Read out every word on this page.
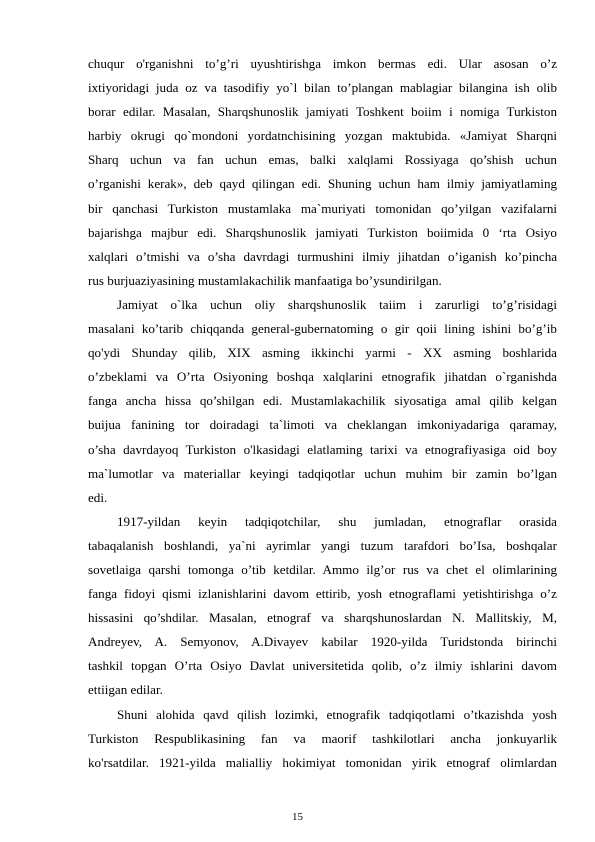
chuqur o'rganishni to’g’ri uyushtirishga imkon bermas edi. Ular asosan o’z
ixtiyoridagi juda oz va tasodifiy yo`l bilan to’plangan mablagiar bilangina ish olib
borar edilar. Masalan, Sharqshunoslik jamiyati Toshkent boiim i nomiga Turkiston
harbiy okrugi qo`mondoni yordatnchisining yozgan maktubida. «Jamiyat Sharqni
Sharq uchun va fan uchun emas, balki xalqlami Rossiyaga qo’shish uchun
o’rganishi kerak», deb qayd qilingan edi. Shuning uchun ham ilmiy jamiyatlaming
bir qanchasi Turkiston mustamlaka ma`muriyati tomonidan qo’yilgan vazifalarni
bajarishga majbur edi. Sharqshunoslik jamiyati Turkiston boiimida 0 ‘rta Osiyo
xalqlari o’tmishi va o’sha davrdagi turmushini ilmiy jihatdan o’iganish ko’pincha
rus burjuaziyasining mustamlakachilik manfaatiga bo’ysundirilgan.

Jamiyat o`lka uchun oliy sharqshunoslik taiim i zarurligi to’g’risidagi
masalani ko’tarib chiqqanda general-gubernatoming o gir qoii lining ishini bo’g’ib
qo'ydi Shunday qilib, XIX asming ikkinchi yarmi - XX asming boshlarida
o’zbeklami va O’rta Osiyoning boshqa xalqlarini etnografik jihatdan o`rganishda
fanga ancha hissa qo’shilgan edi. Mustamlakachilik siyosatiga amal qilib kelgan
buijua fanining tor doiradagi ta`limoti va cheklangan imkoniyadariga qaramay,
o’sha davrdayoq Turkiston o'lkasidagi elatlaming tarixi va etnografiyasiga oid boy
ma`lumotlar va materiallar keyingi tadqiqotlar uchun muhim bir zamin bo’lgan
edi.

1917-yildan keyin tadqiqotchilar, shu jumladan, etnograflar orasida
tabaqalanish boshlandi, ya`ni ayrimlar yangi tuzum tarafdori bo’Isa, boshqalar
sovetlaiga qarshi tomonga o’tib ketdilar. Ammo ilg’or rus va chet el olimlarining
fanga fidoyi qismi izlanishlarini davom ettirib, yosh etnograflami yetishtirishga o’z
hissasini qo’shdilar. Masalan, etnograf va sharqshunoslardan N. Mallitskiy, M,
Andreyev, A. Semyonov, A.Divayev kabilar 1920-yilda Turidstonda birinchi
tashkil topgan O’rta Osiyo Davlat universitetida qolib, o’z ilmiy ishlarini davom
ettiigan edilar.

Shuni alohida qavd qilish lozimki, etnografik tadqiqotlami o’tkazishda yosh
Turkiston Respublikasining fan va maorif tashkilotlari ancha jonkuyarlik
ko'rsatdilar. 1921-yilda malialliy hokimiyat tomonidan yirik etnograf olimlardan

15
